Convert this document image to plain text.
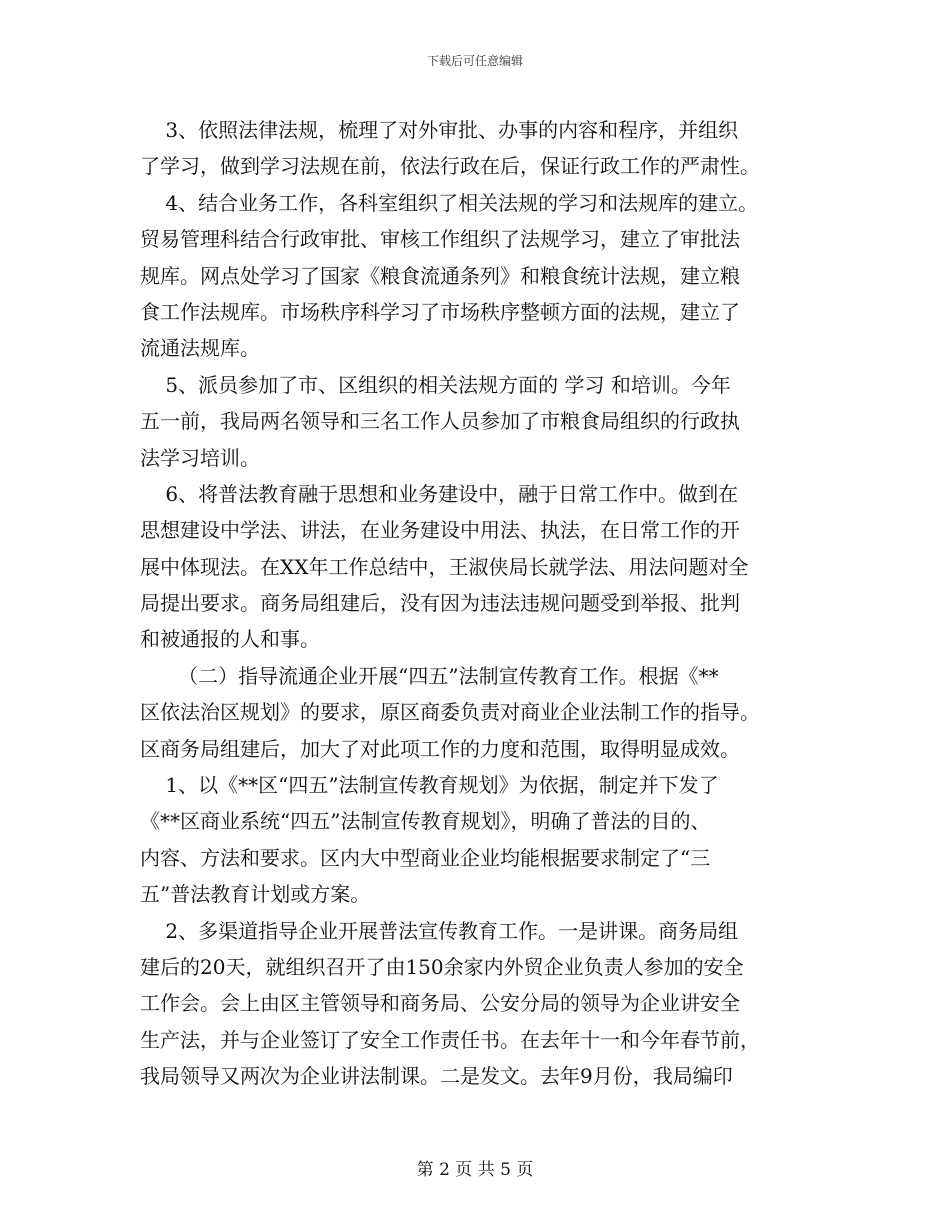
下载后可任意编辑
3、依照法律法规，梳理了对外审批、办事的内容和程序，并组织
了学习，做到学习法规在前，依法行政在后，保证行政工作的严肃性。
4、结合业务工作，各科室组织了相关法规的学习和法规库的建立。
贸易管理科结合行政审批、审核工作组织了法规学习，建立了审批法
规库。网点处学习了国家《粮食流通条列》和粮食统计法规，建立粮
食工作法规库。市场秩序科学习了市场秩序整顿方面的法规，建立了
流通法规库。
5、派员参加了市、区组织的相关法规方面的 学习 和培训。今年
五一前，我局两名领导和三名工作人员参加了市粮食局组织的行政执
法学习培训。
6、将普法教育融于思想和业务建设中，融于日常工作中。做到在
思想建设中学法、讲法，在业务建设中用法、执法，在日常工作的开
展中体现法。在XX年工作总结中，王淑侠局长就学法、用法问题对全
局提出要求。商务局组建后，没有因为违法违规问题受到举报、批判
和被通报的人和事。
（二）指导流通企业开展“四五”法制宣传教育工作。根据《**
区依法治区规划》的要求，原区商委负责对商业企业法制工作的指导。
区商务局组建后，加大了对此项工作的力度和范围，取得明显成效。
1、以《**区“四五”法制宣传教育规划》为依据，制定并下发了
《**区商业系统“四五”法制宣传教育规划》，明确了普法的目的、
内容、方法和要求。区内大中型商业企业均能根据要求制定了“三
五”普法教育计划或方案。
2、多渠道指导企业开展普法宣传教育工作。一是讲课。商务局组
建后的20天，就组织召开了由150余家内外贸企业负责人参加的安全
工作会。会上由区主管领导和商务局、公安分局的领导为企业讲安全
生产法，并与企业签订了安全工作责任书。在去年十一和今年春节前，
我局领导又两次为企业讲法制课。二是发文。去年9月份，我局编印
第 2 页 共 5 页
